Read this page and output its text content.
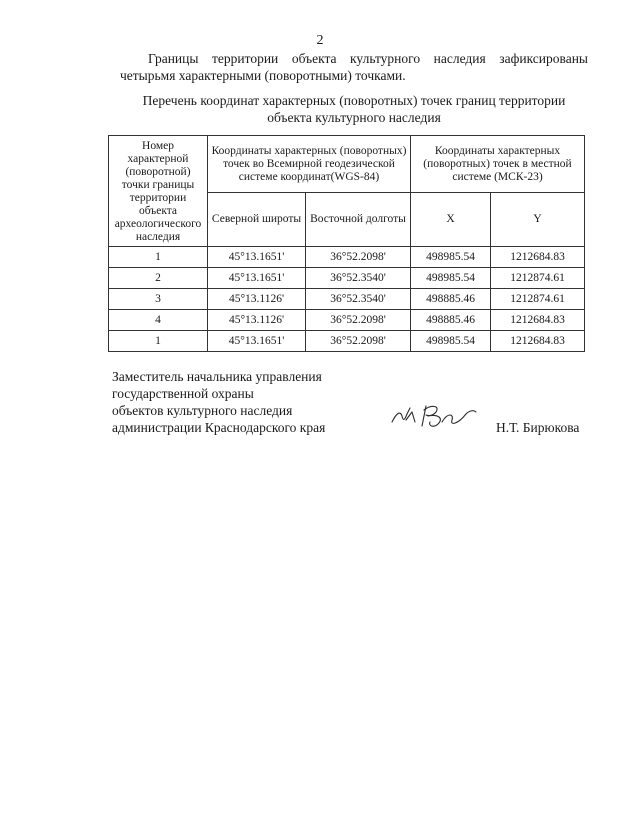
2
Границы территории объекта культурного наследия зафиксированы четырьмя характерными (поворотными) точками.
Перечень координат характерных (поворотных) точек границ территории
объекта культурного наследия
Номер характерной (поворотной) точки границы территории объекта археологического наследия	Координаты характерных (поворотных) точек во Всемирной геодезической системе координат(WGS-84)		Координаты характерных (поворотных) точек в местной системе (МСК-23)	
	Северной широты	Восточной долготы	X	Y
1	45°13.1651'	36°52.2098'	498985.54	1212684.83
2	45°13.1651'	36°52.3540'	498985.54	1212874.61
3	45°13.1126'	36°52.3540'	498885.46	1212874.61
4	45°13.1126'	36°52.2098'	498885.46	1212684.83
1	45°13.1651'	36°52.2098'	498985.54	1212684.83
Заместитель начальника управления
государственной охраны
объектов культурного наследия
администрации Краснодарского края	Н.Т. Бирюкова
